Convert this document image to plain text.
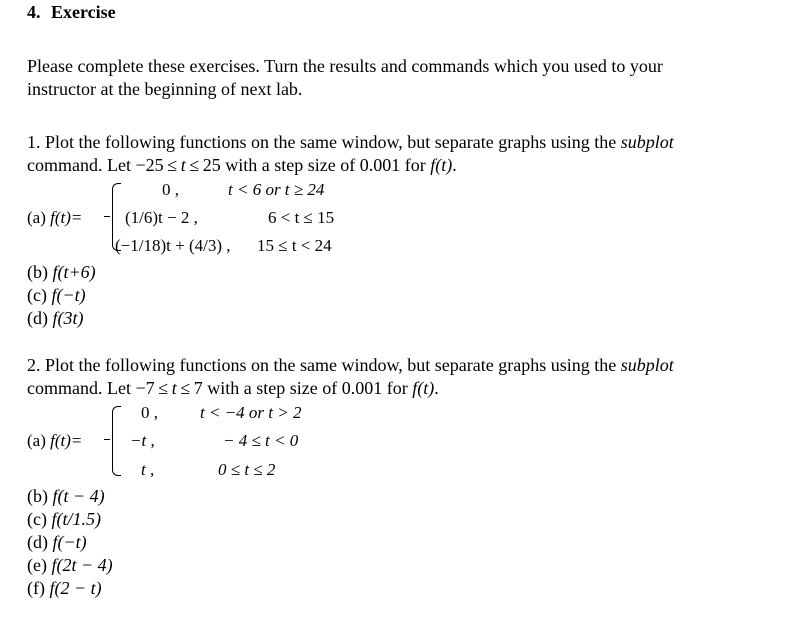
4. Exercise
Please complete these exercises. Turn the results and commands which you used to your
instructor at the beginning of next lab.
1. Plot the following functions on the same window, but separate graphs using the subplot
command. Let −25 ≤ t ≤ 25 with a step size of 0.001 for f(t).
(a) f(t)=
0 ,	t < 6 or t ≥ 24
(1/6)t − 2 ,	6 < t ≤ 15
(−1/18)t + (4/3) , 15 ≤ t < 24
(b) f(t+6)
(c) f(−t)
(d) f(3t)
2. Plot the following functions on the same window, but separate graphs using the subplot
command. Let −7 ≤ t ≤ 7 with a step size of 0.001 for f(t).
(a) f(t)=
0 , t < −4 or t > 2
−t ,	− 4 ≤ t < 0
t ,	0 ≤ t ≤ 2
(b) f(t − 4)
(c) f(t/1.5)
(d) f(−t)
(e) f(2t − 4)
(f) f(2 − t)
